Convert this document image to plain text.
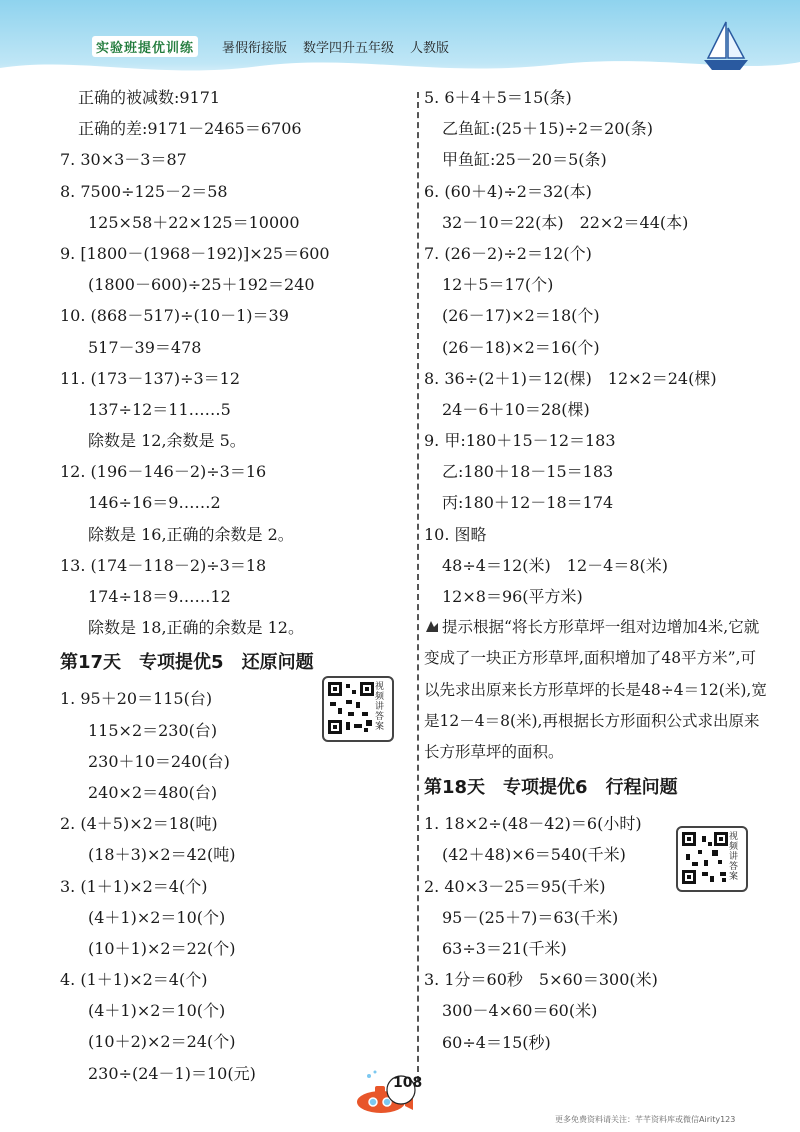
实验班提优训练	暑假衔接版 数学四升五年级 人教版
正确的被减数:9171
正确的差:9171－2465＝6706
7. 30×3－3＝87
8. 7500÷125－2＝58
125×58＋22×125＝10000
9. [1800－(1968－192)]×25＝600
(1800－600)÷25＋192＝240
10. (868－517)÷(10－1)＝39
517－39＝478
11. (173－137)÷3＝12
137÷12＝11……5
除数是 12,余数是 5。
12. (196－146－2)÷3＝16
146÷16＝9……2
除数是 16,正确的余数是 2。
13. (174－118－2)÷3＝18
174÷18＝9……12
除数是 18,正确的余数是 12。
第17天　专项提优5　还原问题
1. 95＋20＝115(台)
115×2＝230(台)
230＋10＝240(台)
240×2＝480(台)
2. (4＋5)×2＝18(吨)
(18＋3)×2＝42(吨)
3. (1＋1)×2＝4(个)
(4＋1)×2＝10(个)
(10＋1)×2＝22(个)
4. (1＋1)×2＝4(个)
(4＋1)×2＝10(个)
(10＋2)×2＝24(个)
230÷(24－1)＝10(元)
5. 6＋4＋5＝15(条)
乙鱼缸:(25＋15)÷2＝20(条)
甲鱼缸:25－20＝5(条)
6. (60＋4)÷2＝32(本)
32－10＝22(本)　22×2＝44(本)
7. (26－2)÷2＝12(个)
12＋5＝17(个)
(26－17)×2＝18(个)
(26－18)×2＝16(个)
8. 36÷(2＋1)＝12(棵)　12×2＝24(棵)
24－6＋10＝28(棵)
9. 甲:180＋15－12＝183
乙:180＋18－15＝183
丙:180＋12－18＝174
10. 图略
48÷4＝12(米)　12－4＝8(米)
12×8＝96(平方米)
提示根据“将长方形草坪一组对边增加4米,它就变成了一块正方形草坪,面积增加了48平方米”,可以先求出原来长方形草坪的长是48÷4＝12(米),宽是12－4＝8(米),再根据长方形面积公式求出原来长方形草坪的面积。
第18天　专项提优6　行程问题
1. 18×2÷(48－42)＝6(小时)
(42＋48)×6＝540(千米)
2. 40×3－25＝95(千米)
95－(25＋7)＝63(千米)
63÷3＝21(千米)
3. 1分＝60秒　5×60＝300(米)
300－4×60＝60(米)
60÷4＝15(秒)
视频讲答案
视频讲答案
108
更多免费资料请关注：芊芊资料库或微信Airity123
